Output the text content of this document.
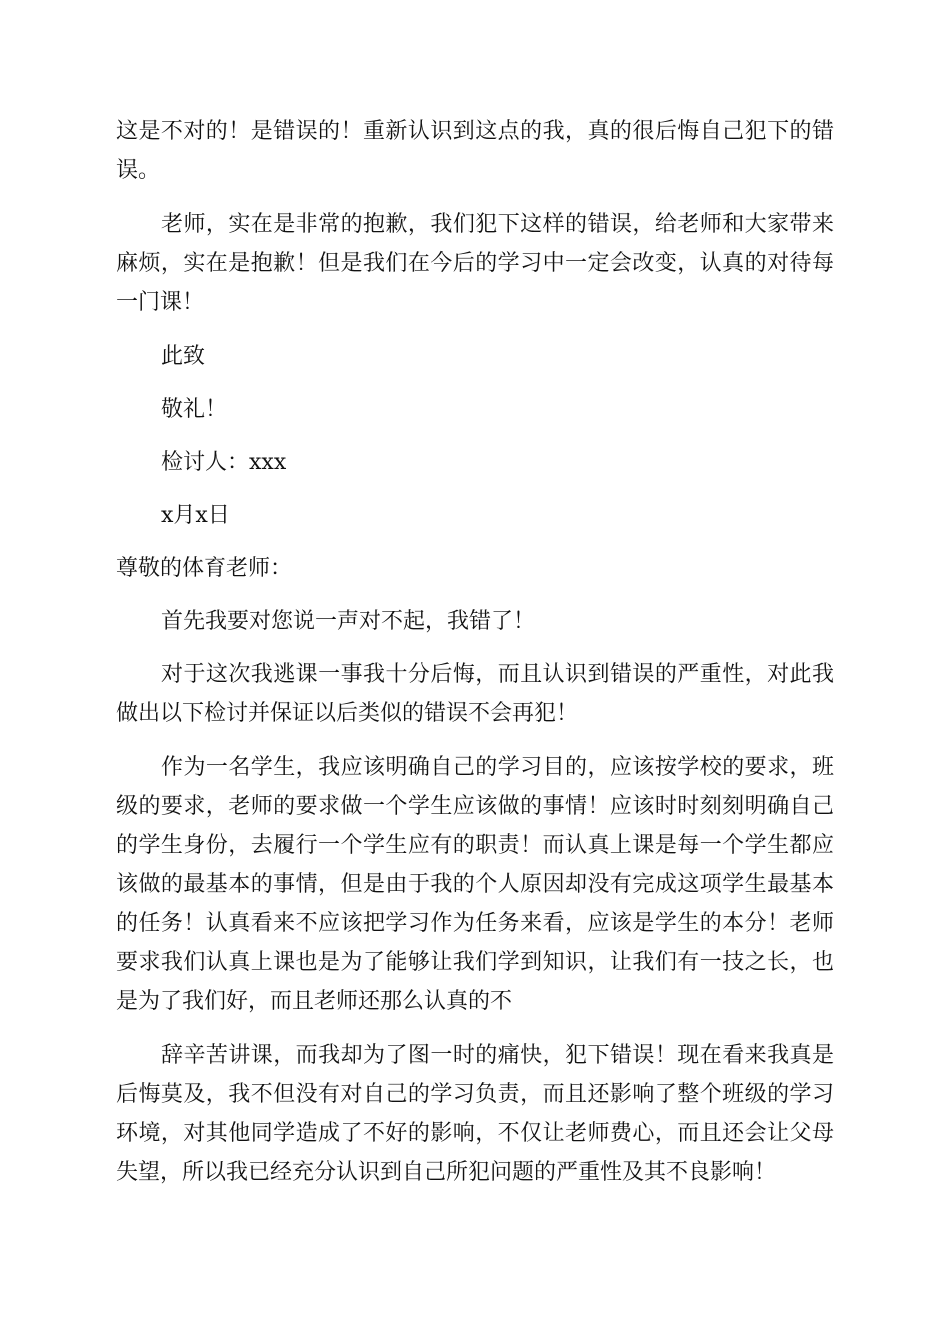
这是不对的！是错误的！重新认识到这点的我，真的很后悔自己犯下的错误。

老师，实在是非常的抱歉，我们犯下这样的错误，给老师和大家带来麻烦，实在是抱歉！但是我们在今后的学习中一定会改变，认真的对待每一门课！

此致

敬礼！

检讨人：xxx

x月x日

尊敬的体育老师：

首先我要对您说一声对不起，我错了！

对于这次我逃课一事我十分后悔，而且认识到错误的严重性，对此我做出以下检讨并保证以后类似的错误不会再犯！

作为一名学生，我应该明确自己的学习目的，应该按学校的要求，班级的要求，老师的要求做一个学生应该做的事情！应该时时刻刻明确自己的学生身份，去履行一个学生应有的职责！而认真上课是每一个学生都应该做的最基本的事情，但是由于我的个人原因却没有完成这项学生最基本的任务！认真看来不应该把学习作为任务来看，应该是学生的本分！老师要求我们认真上课也是为了能够让我们学到知识，让我们有一技之长，也是为了我们好，而且老师还那么认真的不

辞辛苦讲课，而我却为了图一时的痛快，犯下错误！现在看来我真是后悔莫及，我不但没有对自己的学习负责，而且还影响了整个班级的学习环境，对其他同学造成了不好的影响，不仅让老师费心，而且还会让父母失望，所以我已经充分认识到自己所犯问题的严重性及其不良影响！
